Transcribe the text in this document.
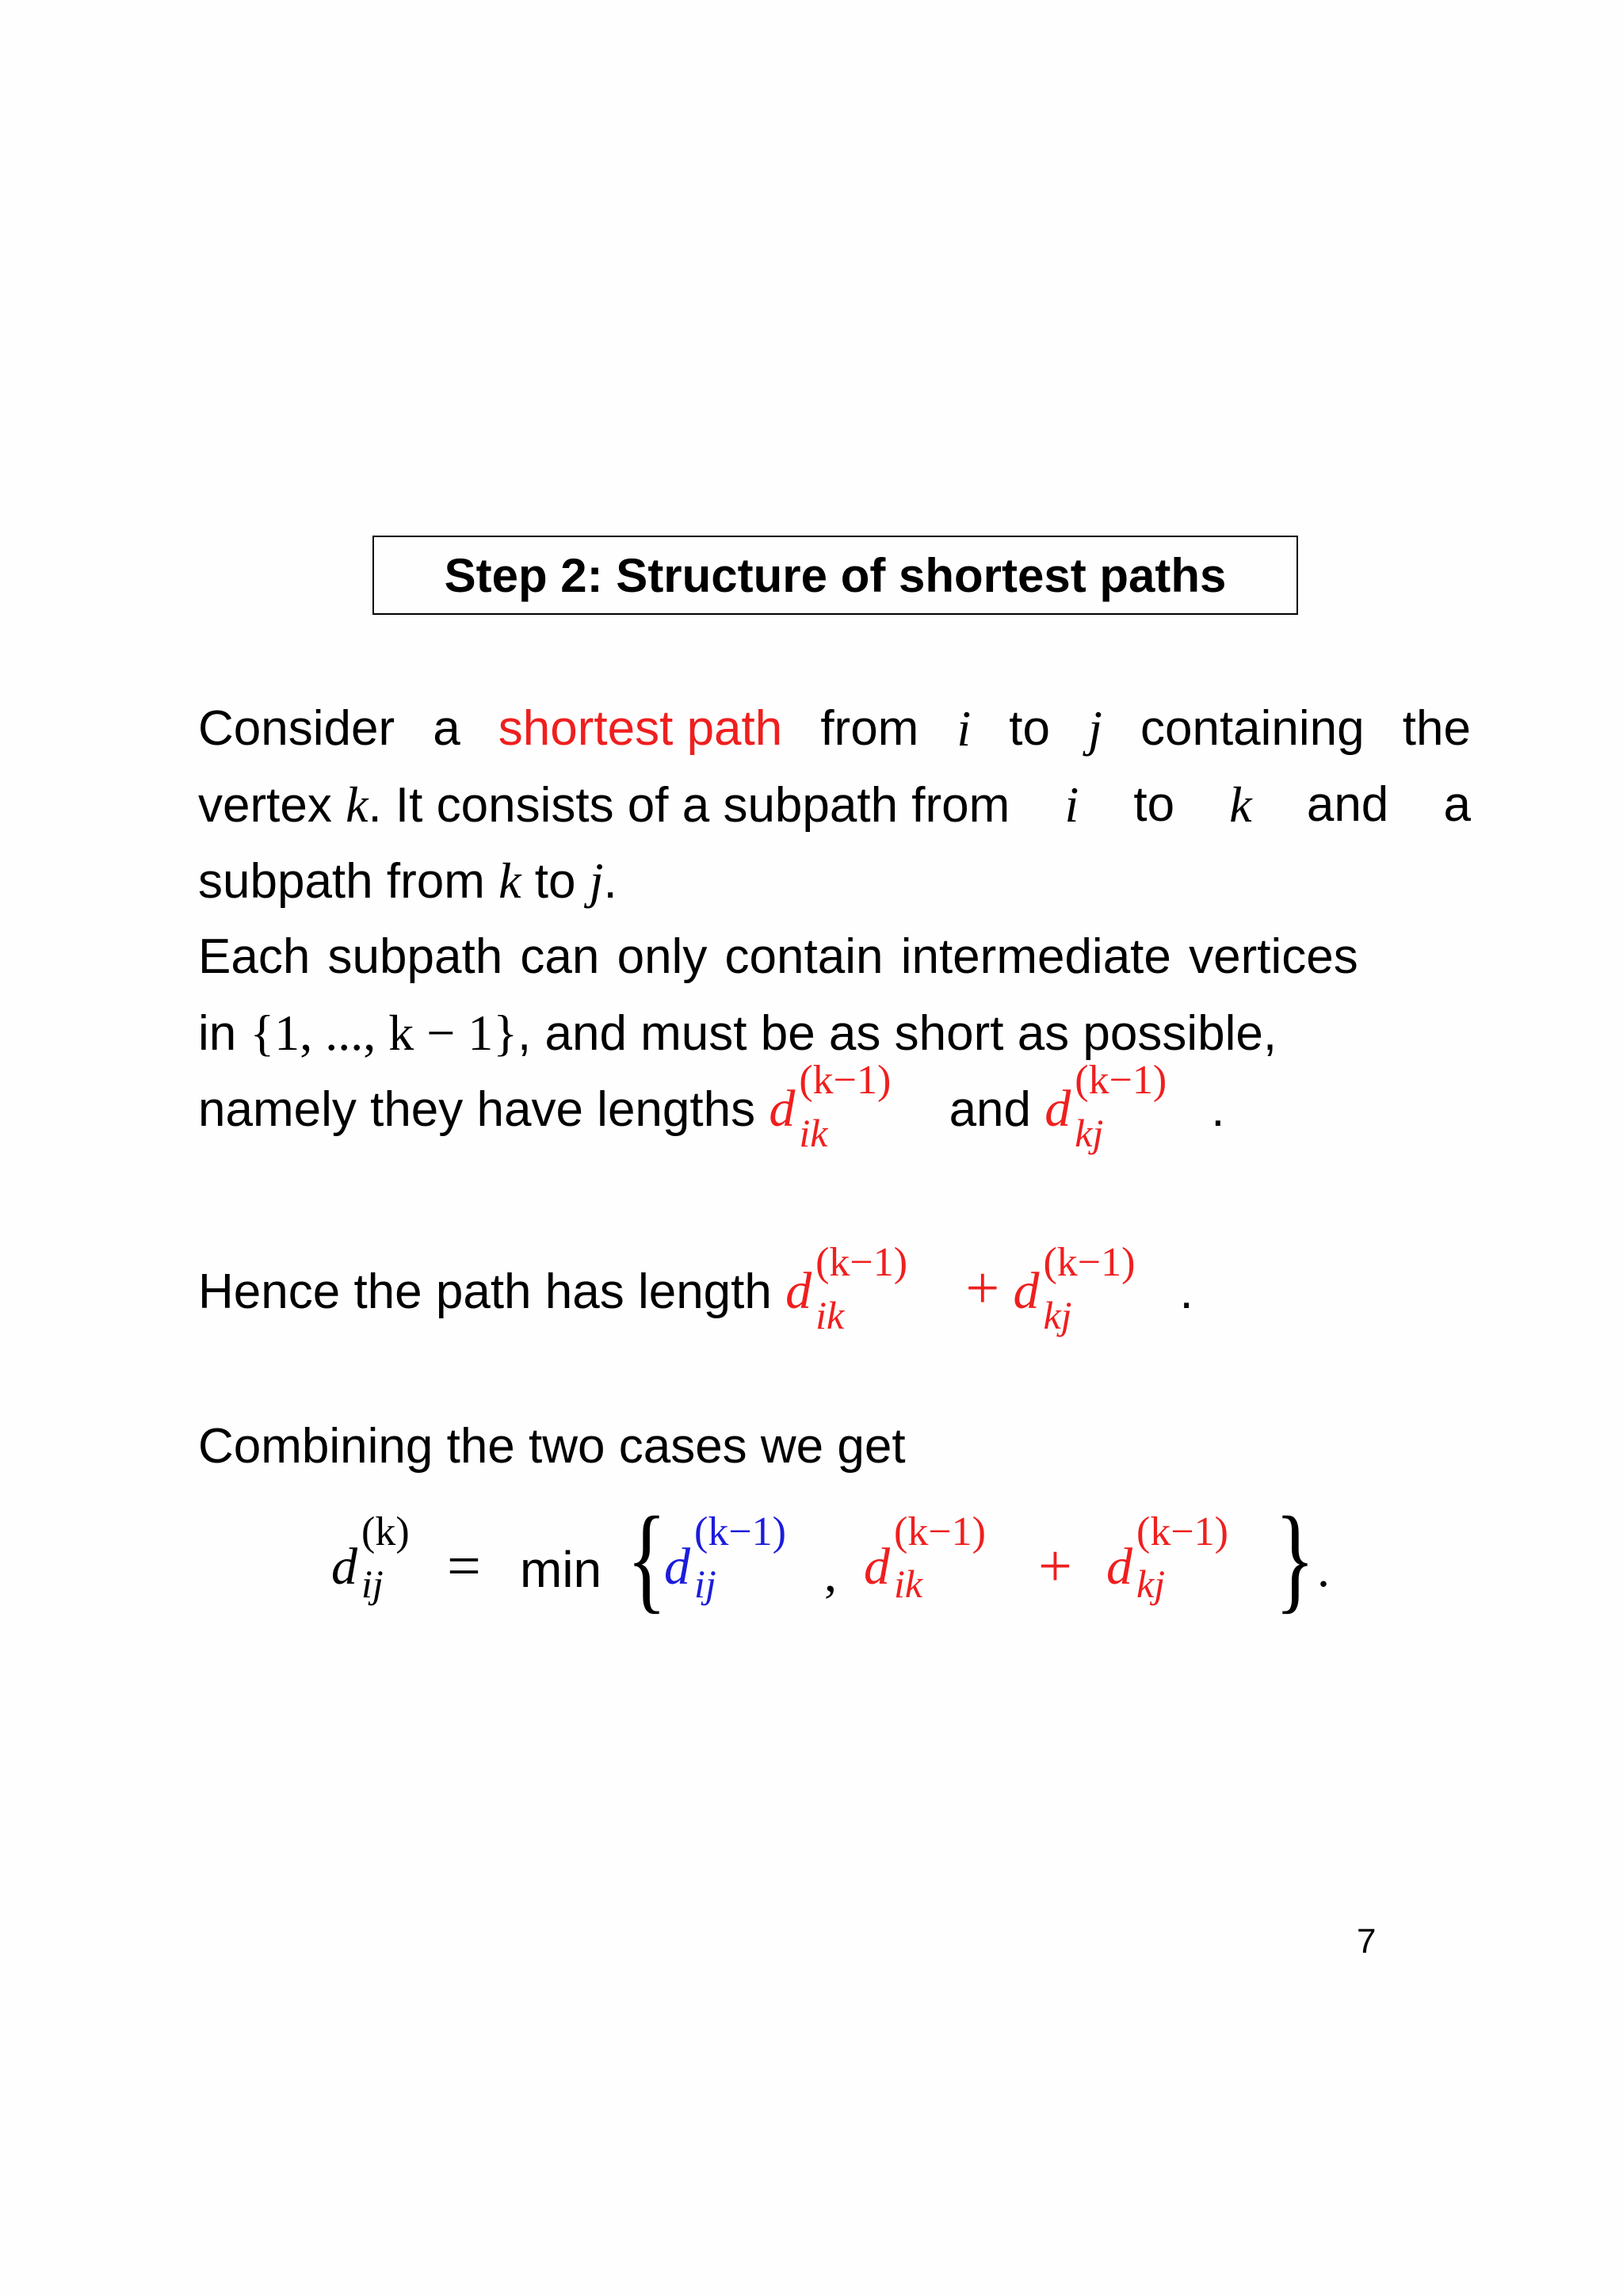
Step 2: Structure of shortest paths
Consider a shortest path from i to j containing the
vertex k. It consists of a subpath from i to k and a
subpath from k to j.
Each subpath can only contain intermediate vertices
in {1, ..., k − 1}, and must be as short as possible,
namely they have lengths d (k−1)
ik and d (k−1)
kj .
Hence the path has length d (k−1)
ik + d (k−1)
kj .
Combining the two cases we get
d
(k)
ij = min {
d
(k−1)
ij , d
(k−1)
ik + d
(k−1)
kj } .
7
